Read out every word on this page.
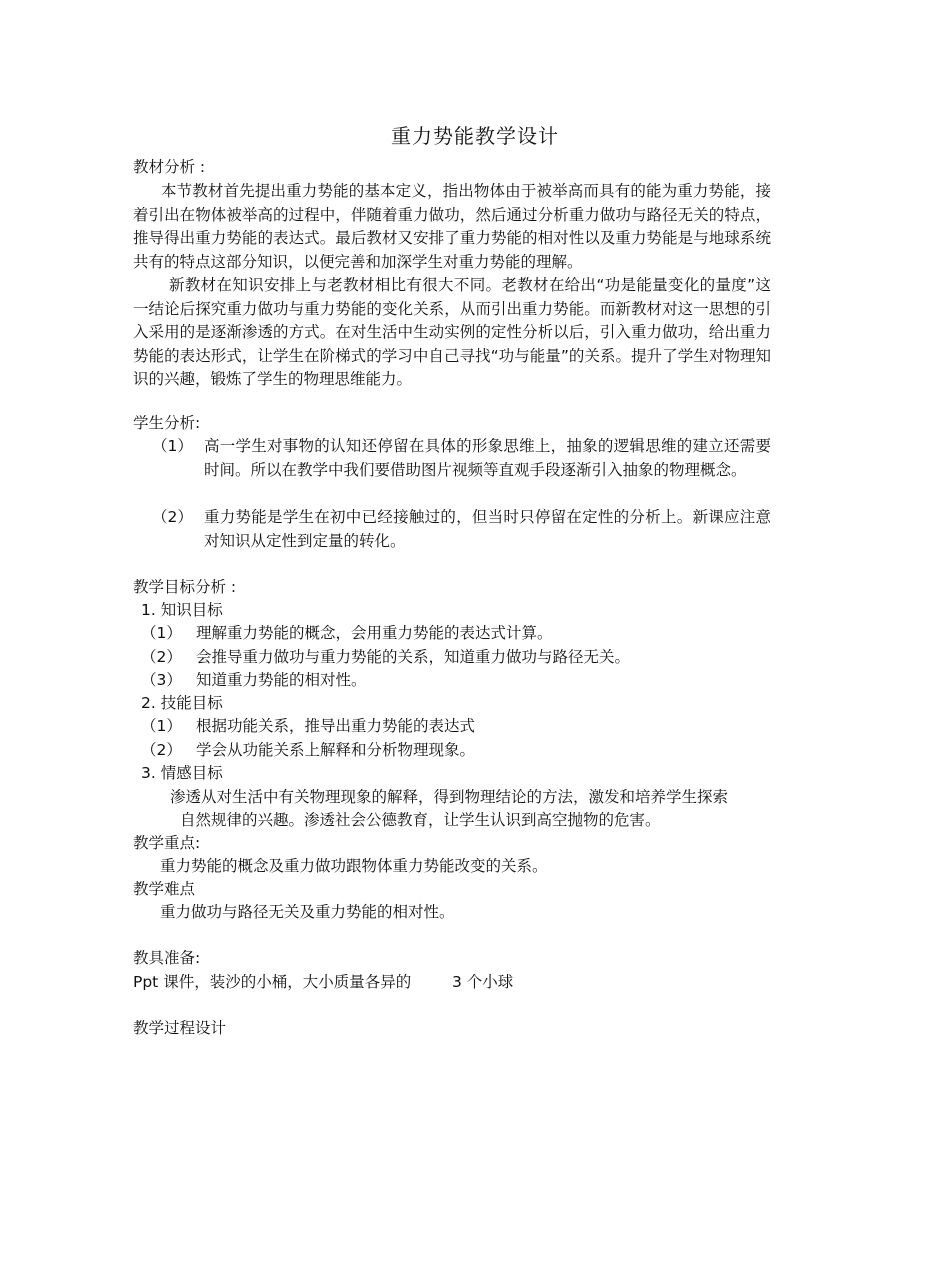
重力势能教学设计
教材分析 :
本节教材首先提出重力势能的基本定义，指出物体由于被举高而具有的能为重力势能，接着引出在物体被举高的过程中，伴随着重力做功，然后通过分析重力做功与路径无关的特点，推导得出重力势能的表达式。最后教材又安排了重力势能的相对性以及重力势能是与地球系统共有的特点这部分知识，以便完善和加深学生对重力势能的理解。
新教材在知识安排上与老教材相比有很大不同。老教材在给出“功是能量变化的量度”这一结论后探究重力做功与重力势能的变化关系，从而引出重力势能。而新教材对这一思想的引入采用的是逐渐渗透的方式。在对生活中生动实例的定性分析以后，引入重力做功，给出重力势能的表达形式，让学生在阶梯式的学习中自己寻找“功与能量”的关系。提升了学生对物理知识的兴趣，锻炼了学生的物理思维能力。
学生分析:
（1） 高一学生对事物的认知还停留在具体的形象思维上，抽象的逻辑思维的建立还需要时间。所以在教学中我们要借助图片视频等直观手段逐渐引入抽象的物理概念。
（2） 重力势能是学生在初中已经接触过的，但当时只停留在定性的分析上。新课应注意对知识从定性到定量的转化。
教学目标分析 :
1. 知识目标
（1） 理解重力势能的概念，会用重力势能的表达式计算。
（2） 会推导重力做功与重力势能的关系，知道重力做功与路径无关。
（3） 知道重力势能的相对性。
2. 技能目标
（1） 根据功能关系，推导出重力势能的表达式
（2） 学会从功能关系上解释和分析物理现象。
3. 情感目标
渗透从对生活中有关物理现象的解释，得到物理结论的方法，激发和培养学生探索
自然规律的兴趣。渗透社会公德教育，让学生认识到高空抛物的危害。
教学重点:
重力势能的概念及重力做功跟物体重力势能改变的关系。
教学难点
重力做功与路径无关及重力势能的相对性。
教具准备:
Ppt 课件，装沙的小桶，大小质量各异的	3 个小球
教学过程设计
